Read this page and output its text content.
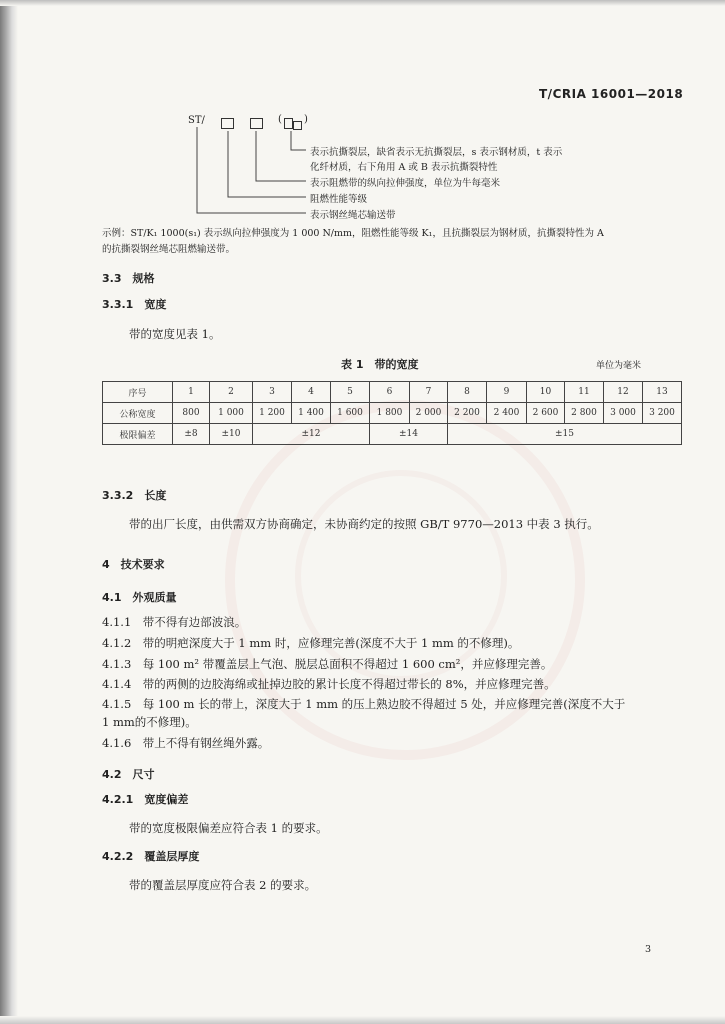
T/CRIA 16001—2018
ST/	( )
表示抗撕裂层，缺省表示无抗撕裂层，s 表示钢材质，t 表示
化纤材质，右下角用 A 或 B 表示抗撕裂特性
表示阻燃带的纵向拉伸强度，单位为牛每毫米
阻燃性能等级
表示钢丝绳芯输送带
示例：ST/K₁ 1000(s₁) 表示纵向拉伸强度为 1 000 N/mm，阻燃性能等级 K₁，且抗撕裂层为钢材质，抗撕裂特性为 A
的抗撕裂钢丝绳芯阻燃输送带。
3.3　规格
3.3.1　宽度
带的宽度见表 1。
表 1　带的宽度	单位为毫米
序号	1	2	3	4	5	6	7	8	9	10	11	12	13
公称宽度	800	1 000	1 200	1 400	1 600	1 800	2 000	2 200	2 400	2 600	2 800	3 000	3 200
极限偏差	±8	±10	±12			±14		±15					
3.3.2　长度
带的出厂长度，由供需双方协商确定，未协商约定的按照 GB/T 9770—2013 中表 3 执行。
4　技术要求
4.1　外观质量
4.1.1　带不得有边部波浪。
4.1.2　带的明疤深度大于 1 mm 时，应修理完善(深度不大于 1 mm 的不修理)。
4.1.3　每 100 m² 带覆盖层上气泡、脱层总面积不得超过 1 600 cm²，并应修理完善。
4.1.4　带的两侧的边胶海绵或扯掉边胶的累计长度不得超过带长的 8%，并应修理完善。
4.1.5　每 100 m 长的带上，深度大于 1 mm 的压上熟边胶不得超过 5 处，并应修理完善(深度不大于
1 mm的不修理)。
4.1.6　带上不得有钢丝绳外露。
4.2　尺寸
4.2.1　宽度偏差
带的宽度极限偏差应符合表 1 的要求。
4.2.2　覆盖层厚度
带的覆盖层厚度应符合表 2 的要求。
3
